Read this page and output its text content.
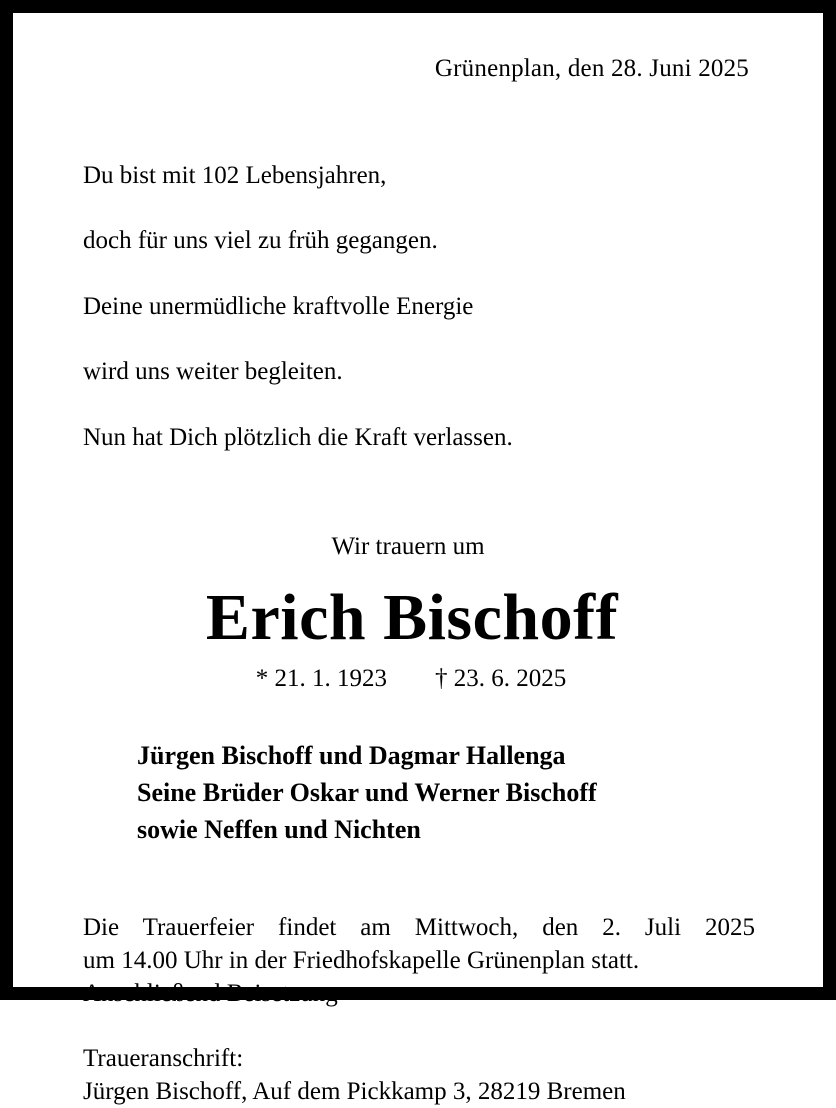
Grünenplan, den 28. Juni 2025

Du bist mit 102 Lebensjahren,

doch für uns viel zu früh gegangen.

Deine unermüdliche kraftvolle Energie

wird uns weiter begleiten.

Nun hat Dich plötzlich die Kraft verlassen.

Wir trauern um
Erich Bischoff
* 21. 1. 1923 † 23. 6. 2025
Jürgen Bischoff und Dagmar Hallenga
Seine Brüder Oskar und Werner Bischoff
sowie Neffen und Nichten
Die Trauerfeier findet am Mittwoch, den 2. Juli 2025
um 14.00 Uhr in der Friedhofskapelle Grünenplan statt.
Anschließend Beisetzung
Traueranschrift:
Jürgen Bischoff, Auf dem Pickkamp 3, 28219 Bremen
